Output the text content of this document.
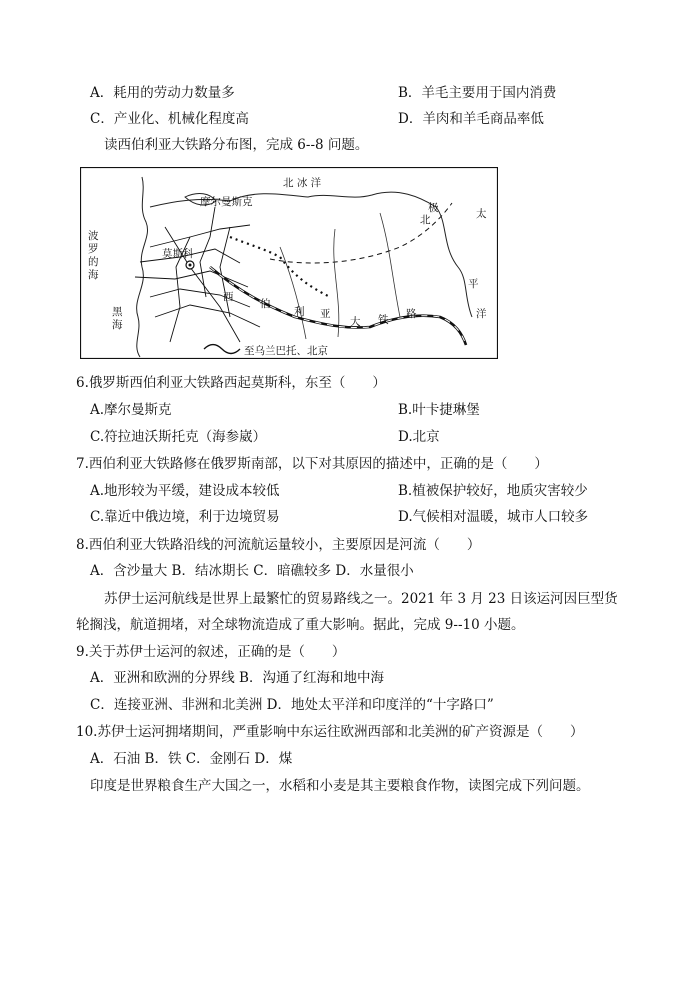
A．耗用的劳动力数量多	B．羊毛主要用于国内消费
C．产业化、机械化程度高	D．羊肉和羊毛商品率低
读西伯利亚大铁路分布图，完成 6--8 问题。
北 冰 洋
摩尔曼斯克
莫斯科
西
伯
利 亚
大 铁 路
北
极	太
平
洋
至乌兰巴托、北京
波罗的海
黑海
6.俄罗斯西伯利亚大铁路西起莫斯科，东至（　　）
A.摩尔曼斯克	B.叶卡捷琳堡
C.符拉迪沃斯托克（海参崴）	D.北京
7.西伯利亚大铁路修在俄罗斯南部，以下对其原因的描述中，正确的是（　　）
A.地形较为平缓，建设成本较低	B.植被保护较好，地质灾害较少
C.靠近中俄边境，利于边境贸易	D.气候相对温暖，城市人口较多
8.西伯利亚大铁路沿线的河流航运量较小，主要原因是河流（　　）
A．含沙量大 B．结冰期长 C．暗礁较多 D．水量很小
苏伊士运河航线是世界上最繁忙的贸易路线之一。2021 年 3 月 23 日该运河因巨型货
轮搁浅，航道拥堵，对全球物流造成了重大影响。据此，完成 9--10 小题。
9.关于苏伊士运河的叙述，正确的是（　　）
A．亚洲和欧洲的分界线 B．沟通了红海和地中海
C．连接亚洲、非洲和北美洲 D．地处太平洋和印度洋的“十字路口”
10.苏伊士运河拥堵期间，严重影响中东运往欧洲西部和北美洲的矿产资源是（　　）
A．石油 B．铁 C．金刚石 D．煤
印度是世界粮食生产大国之一，水稻和小麦是其主要粮食作物，读图完成下列问题。
